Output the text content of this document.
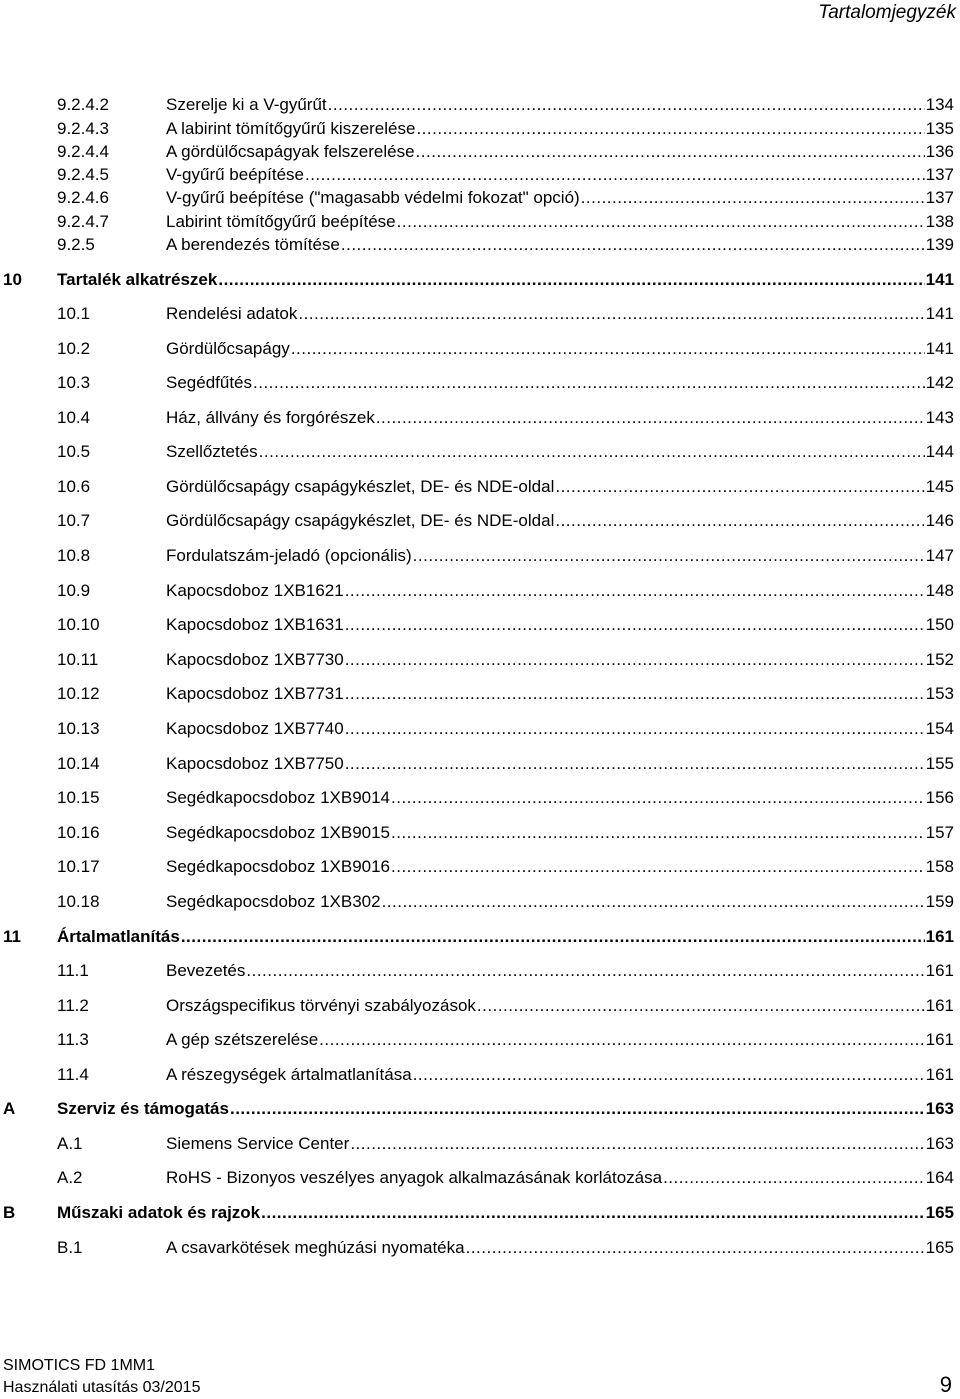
Tartalomjegyzék
9.2.4.2	Szerelje ki a V-gyűrűt .....	134
9.2.4.3	A labirint tömítőgyűrű kiszerelése .....	135
9.2.4.4	A gördülőcsapágyak felszerelése .....	136
9.2.4.5	V-gyűrű beépítése .....	137
9.2.4.6	V-gyűrű beépítése ("magasabb védelmi fokozat" opció) .....	137
9.2.4.7	Labirint tömítőgyűrű beépítése .....	138
9.2.5	A berendezés tömítése .....	139
10 Tartalék alkatrészek .....	141
10.1	Rendelési adatok .....	141
10.2	Gördülőcsapágy .....	141
10.3	Segédfűtés .....	142
10.4	Ház, állvány és forgórészek .....	143
10.5	Szellőztetés .....	144
10.6	Gördülőcsapágy csapágykészlet, DE- és NDE-oldal .....	145
10.7	Gördülőcsapágy csapágykészlet, DE- és NDE-oldal .....	146
10.8	Fordulatszám-jeladó (opcionális) .....	147
10.9	Kapocsdoboz 1XB1621 .....	148
10.10	Kapocsdoboz 1XB1631 .....	150
10.11	Kapocsdoboz 1XB7730 .....	152
10.12	Kapocsdoboz 1XB7731 .....	153
10.13	Kapocsdoboz 1XB7740 .....	154
10.14	Kapocsdoboz 1XB7750 .....	155
10.15	Segédkapocsdoboz 1XB9014 .....	156
10.16	Segédkapocsdoboz 1XB9015 .....	157
10.17	Segédkapocsdoboz 1XB9016 .....	158
10.18	Segédkapocsdoboz 1XB302 .....	159
11 Ártalmatlanítás .....	161
11.1	Bevezetés .....	161
11.2	Országspecifikus törvényi szabályozások .....	161
11.3	A gép szétszerelése .....	161
11.4	A részegységek ártalmatlanítása .....	161
A Szerviz és támogatás .....	163
A.1	Siemens Service Center .....	163
A.2	RoHS - Bizonyos veszélyes anyagok alkalmazásának korlátozása .....	164
B Műszaki adatok és rajzok .....	165
B.1	A csavarkötések meghúzási nyomatéka .....	165
SIMOTICS FD 1MM1
Használati utasítás 03/2015	9
